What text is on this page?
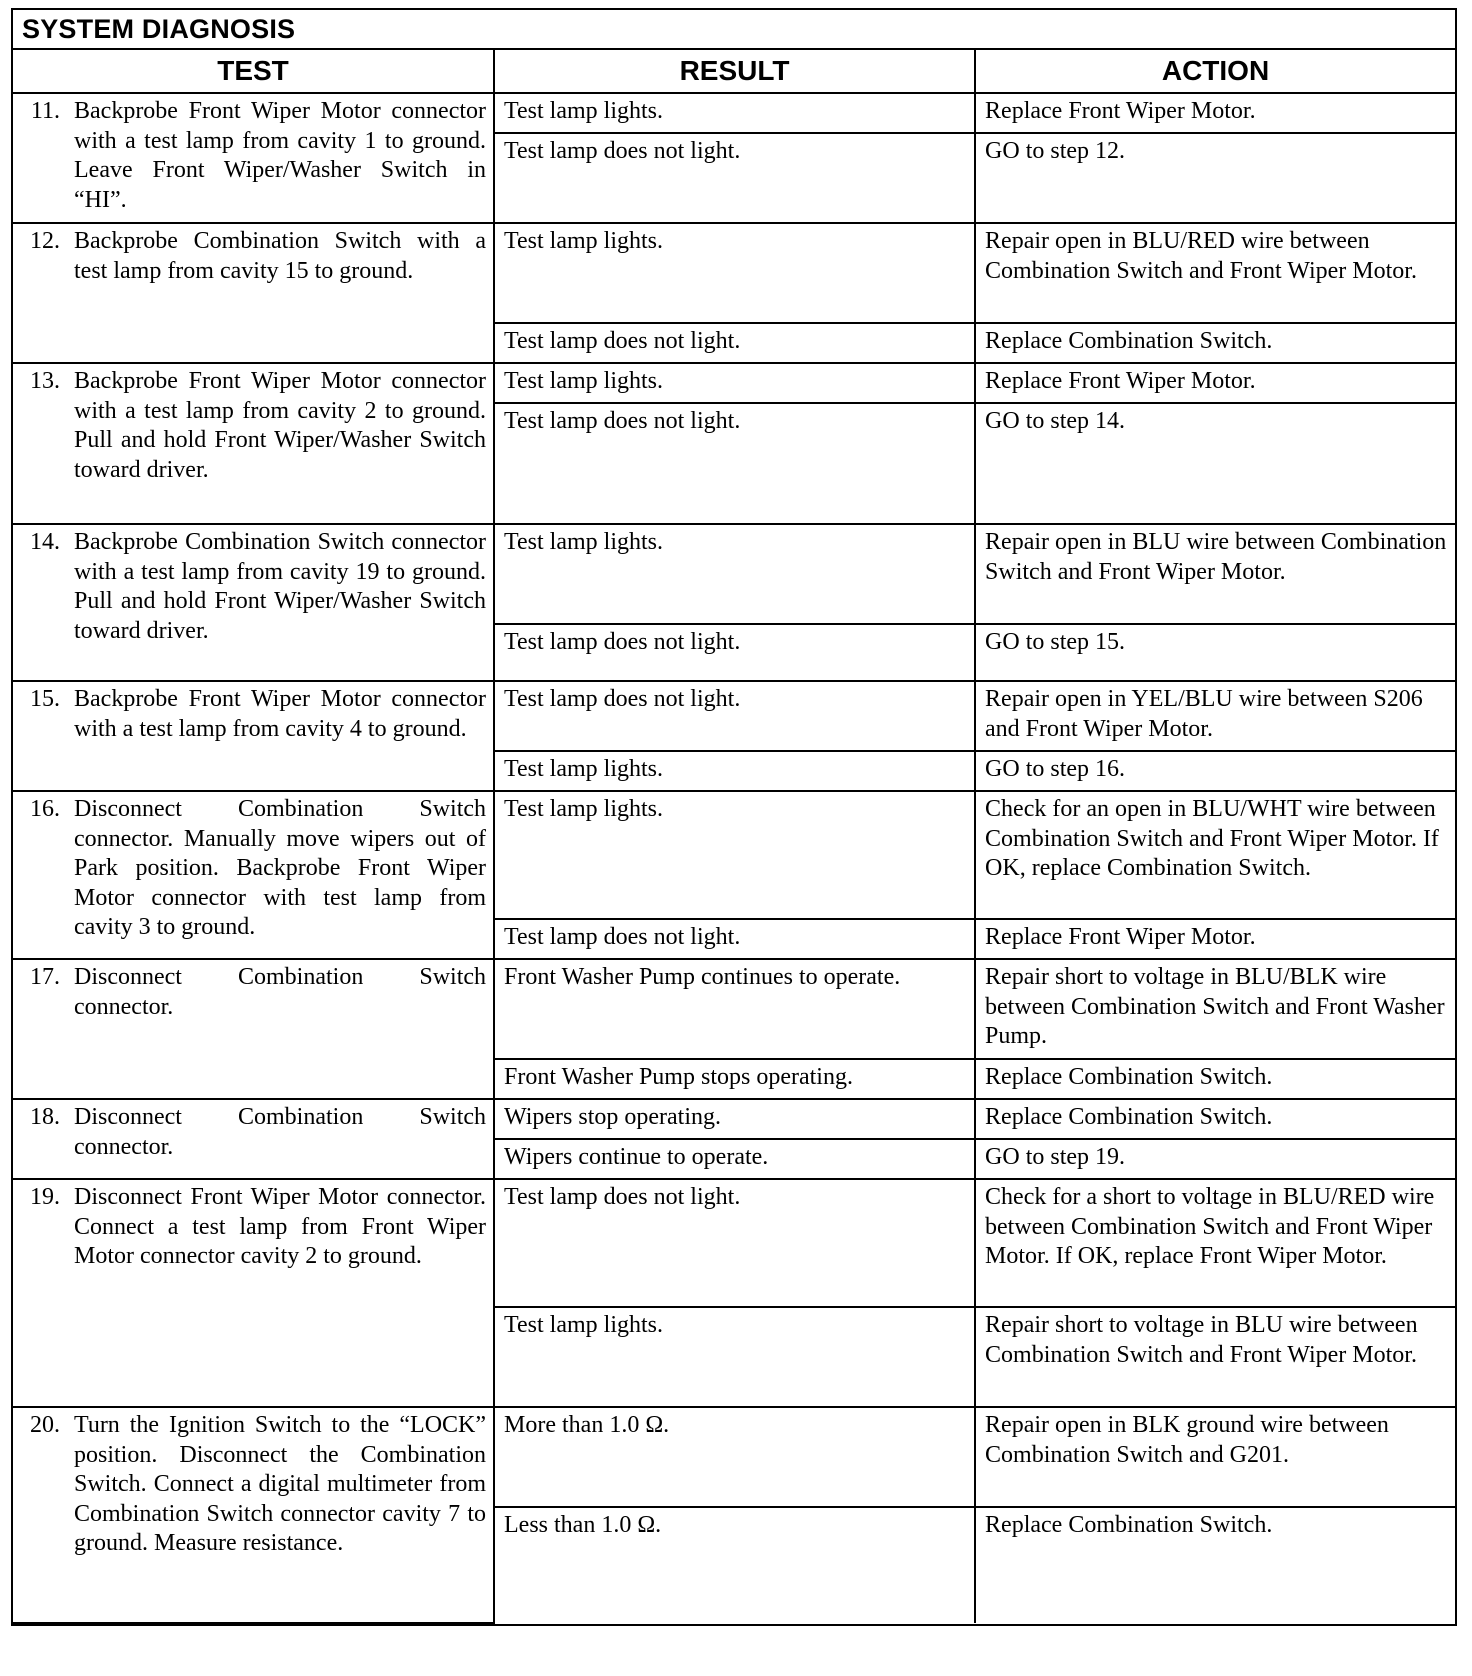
SYSTEM DIAGNOSIS
TEST	RESULT	ACTION

11. Backprobe Front Wiper Motor connector with a test lamp from cavity 1 to ground. Leave Front Wiper/Washer Switch in “HI”.	Test lamp lights.	Replace Front Wiper Motor.
	Test lamp does not light.	GO to step 12.

12. Backprobe Combination Switch with a test lamp from cavity 15 to ground.	Test lamp lights.	Repair open in BLU/RED wire between Combination Switch and Front Wiper Motor.
	Test lamp does not light.	Replace Combination Switch.

13. Backprobe Front Wiper Motor connector with a test lamp from cavity 2 to ground. Pull and hold Front Wiper/Washer Switch toward driver.	Test lamp lights.	Replace Front Wiper Motor.
	Test lamp does not light.	GO to step 14.

14. Backprobe Combination Switch connector with a test lamp from cavity 19 to ground. Pull and hold Front Wiper/Washer Switch toward driver.	Test lamp lights.	Repair open in BLU wire between Combination Switch and Front Wiper Motor.
	Test lamp does not light.	GO to step 15.

15. Backprobe Front Wiper Motor connector with a test lamp from cavity 4 to ground.	Test lamp does not light.	Repair open in YEL/BLU wire between S206 and Front Wiper Motor.
	Test lamp lights.	GO to step 16.

16. Disconnect Combination Switch connector. Manually move wipers out of Park position. Backprobe Front Wiper Motor connector with test lamp from cavity 3 to ground.	Test lamp lights.	Check for an open in BLU/WHT wire between Combination Switch and Front Wiper Motor. If OK, replace Combination Switch.
	Test lamp does not light.	Replace Front Wiper Motor.

17. Disconnect Combination Switch connector.	Front Washer Pump continues to operate.	Repair short to voltage in BLU/BLK wire between Combination Switch and Front Washer Pump.
	Front Washer Pump stops operating.	Replace Combination Switch.

18. Disconnect Combination Switch connector.	Wipers stop operating.	Replace Combination Switch.
	Wipers continue to operate.	GO to step 19.

19. Disconnect Front Wiper Motor connector. Connect a test lamp from Front Wiper Motor connector cavity 2 to ground.	Test lamp does not light.	Check for a short to voltage in BLU/RED wire between Combination Switch and Front Wiper Motor. If OK, replace Front Wiper Motor.
	Test lamp lights.	Repair short to voltage in BLU wire between Combination Switch and Front Wiper Motor.

20. Turn the Ignition Switch to the “LOCK” position. Disconnect the Combination Switch. Connect a digital multimeter from Combination Switch connector cavity 7 to ground. Measure resistance.	More than 1.0 Ω.	Repair open in BLK ground wire between Combination Switch and G201.
	Less than 1.0 Ω.	Replace Combination Switch.
